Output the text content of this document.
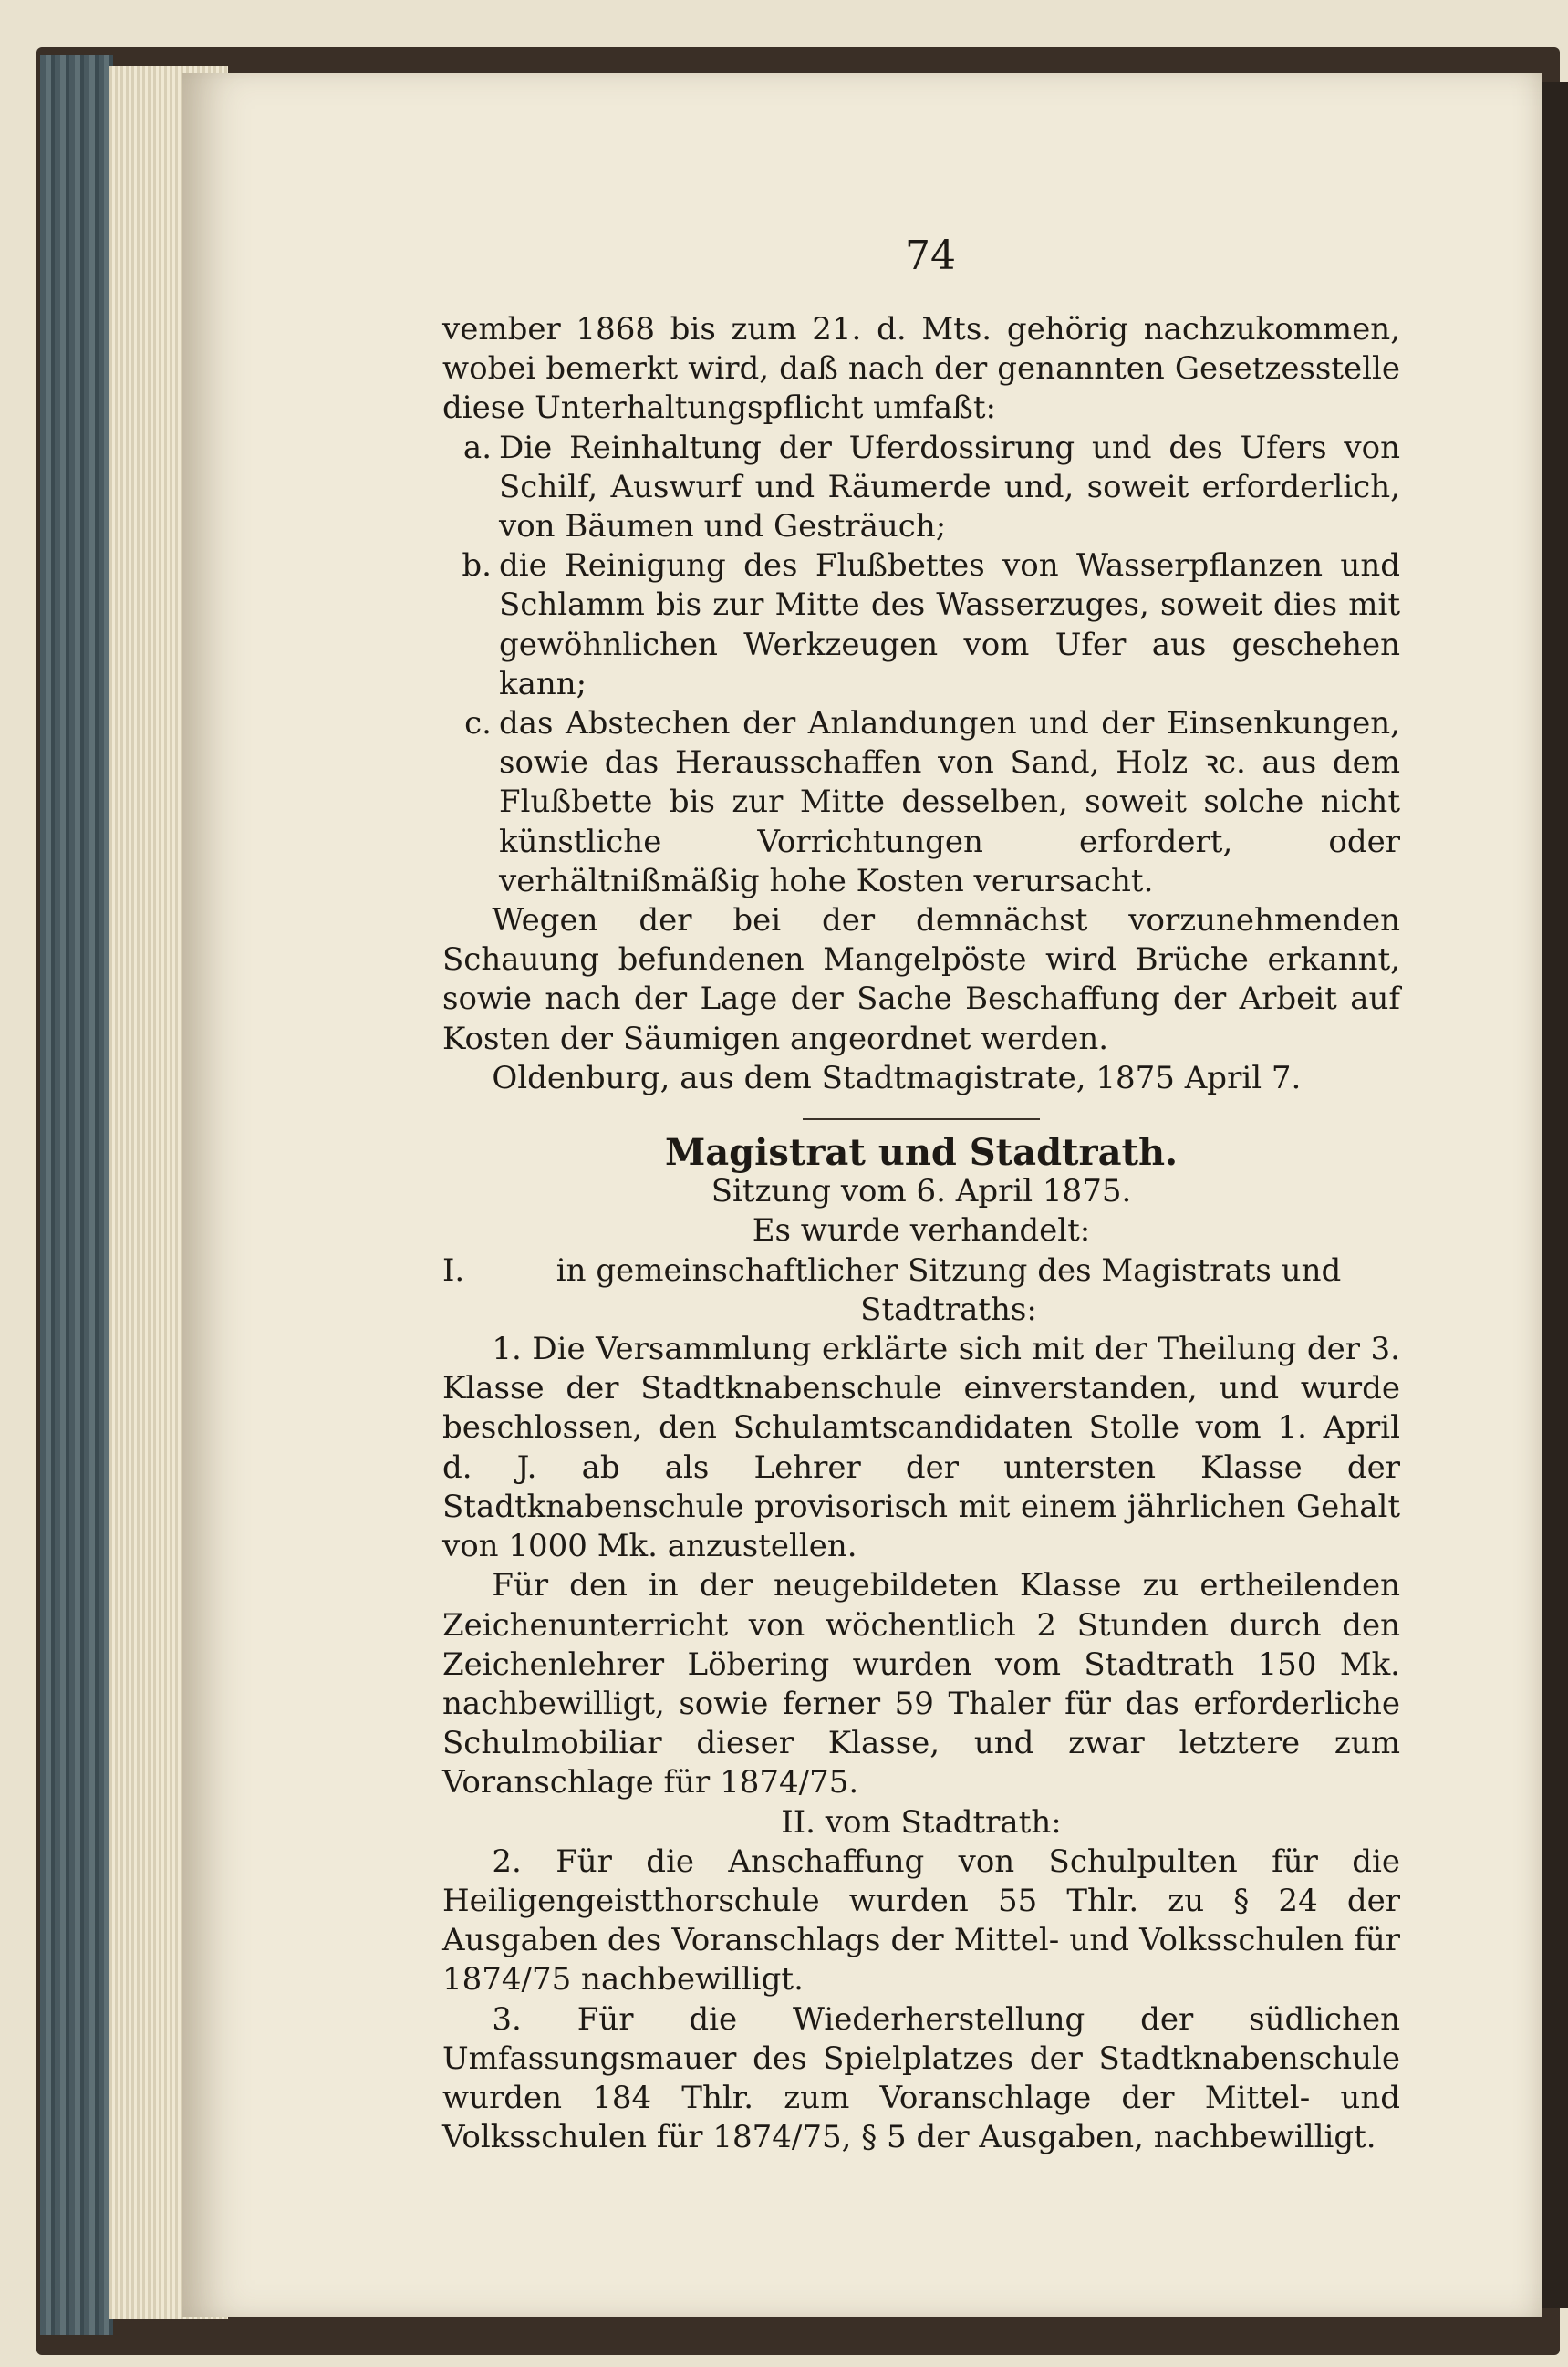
74

vember 1868 bis zum 21. d. Mts. gehörig nachzukommen, wobei bemerkt wird, daß nach der genannten Gesetzesstelle diese Unterhaltungspflicht umfaßt:

a. Die Reinhaltung der Uferdossirung und des Ufers von Schilf, Auswurf und Räumerde und, soweit erforderlich, von Bäumen und Gesträuch;
b. die Reinigung des Flußbettes von Wasserpflanzen und Schlamm bis zur Mitte des Wasserzuges, soweit dies mit gewöhnlichen Werkzeugen vom Ufer aus geschehen kann;
c. das Abstechen der Anlandungen und der Einsenkungen, sowie das Herausschaffen von Sand, Holz ꝛc. aus dem Flußbette bis zur Mitte desselben, soweit solche nicht künstliche Vorrichtungen erfordert, oder verhältnißmäßig hohe Kosten verursacht.

Wegen der bei der demnächst vorzunehmenden Schauung befundenen Mangelpöste wird Brüche erkannt, sowie nach der Lage der Sache Beschaffung der Arbeit auf Kosten der Säumigen angeordnet werden.

Oldenburg, aus dem Stadtmagistrate, 1875 April 7.

Magistrat und Stadtrath.
Sitzung vom 6. April 1875.
Es wurde verhandelt:
I.	in gemeinschaftlicher Sitzung des Magistrats und Stadtraths:

1. Die Versammlung erklärte sich mit der Theilung der 3. Klasse der Stadtknabenschule einverstanden, und wurde beschlossen, den Schulamtscandidaten Stolle vom 1. April d. J. ab als Lehrer der untersten Klasse der Stadtknabenschule provisorisch mit einem jährlichen Gehalt von 1000 Mk. anzustellen.

Für den in der neugebildeten Klasse zu ertheilenden Zeichenunterricht von wöchentlich 2 Stunden durch den Zeichenlehrer Löbering wurden vom Stadtrath 150 Mk. nachbewilligt, sowie ferner 59 Thaler für das erforderliche Schulmobiliar dieser Klasse, und zwar letztere zum Voranschlage für 1874/75.

II. vom Stadtrath:

2. Für die Anschaffung von Schulpulten für die Heiligengeistthorschule wurden 55 Thlr. zu § 24 der Ausgaben des Voranschlags der Mittel- und Volksschulen für 1874/75 nachbewilligt.

3. Für die Wiederherstellung der südlichen Umfassungsmauer des Spielplatzes der Stadtknabenschule wurden 184 Thlr. zum Voranschlage der Mittel- und Volksschulen für 1874/75, § 5 der Ausgaben, nachbewilligt.
